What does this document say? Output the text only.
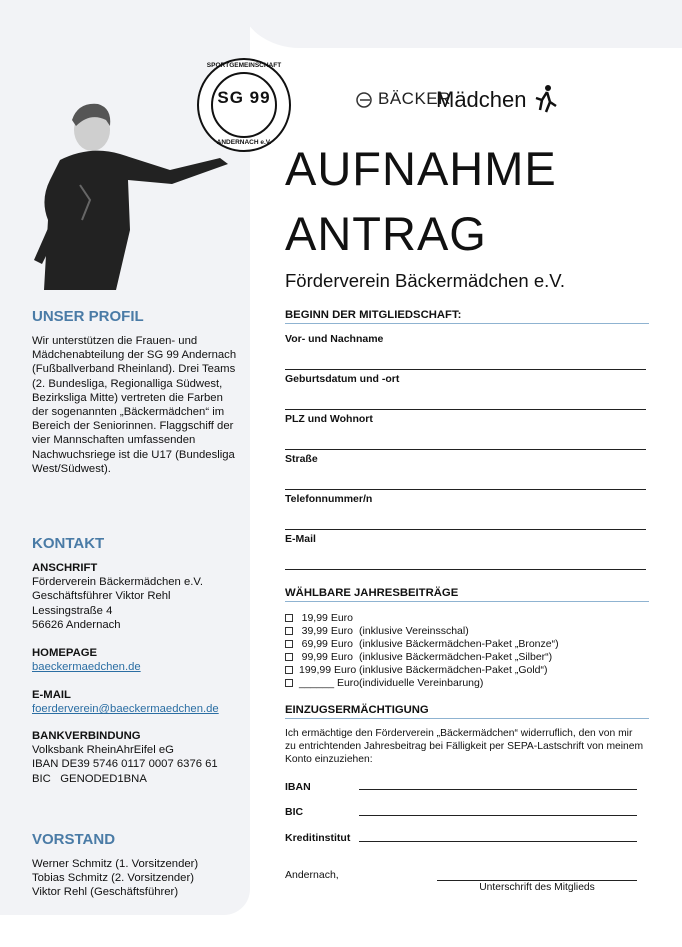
SPORTGEMEINSCHAFT
SG 99
ANDERNACH e.V.
BÄCKER
Mädchen
AUFNAHME
ANTRAG
Förderverein Bäckermädchen e.V.
UNSER PROFIL
Wir unterstützen die Frauen- und Mädchenabteilung der SG 99 Andernach (Fußballverband Rheinland). Drei Teams (2. Bundesliga, Regionalliga Südwest, Bezirksliga Mitte) vertreten die Farben der sogenannten „Bäckermädchen“ im Bereich der Seniorinnen. Flaggschiff der vier Mannschaften umfassenden Nachwuchsriege ist die U17 (Bundesliga West/Südwest).
KONTAKT
ANSCHRIFT
Förderverein Bäckermädchen e.V.
Geschäftsführer Viktor Rehl
Lessingstraße 4
56626 Andernach
HOMEPAGE
baeckermaedchen.de
E-MAIL
foerderverein@baeckermaedchen.de
BANKVERBINDUNG
Volksbank RheinAhrEifel eG
IBAN DE39 5746 0117 0007 6376 61
BIC   GENODED1BNA
VORSTAND
Werner Schmitz (1. Vorsitzender)
Tobias Schmitz (2. Vorsitzender)
Viktor Rehl (Geschäftsführer)
BEGINN DER MITGLIEDSCHAFT:
Vor- und Nachname
Geburtsdatum und -ort
PLZ und Wohnort
Straße
Telefonnummer/n
E-Mail
WÄHLBARE JAHRESBEITRÄGE
19,99 Euro
39,99 Euro (inklusive Vereinsschal)
69,99 Euro (inklusive Bäckermädchen-Paket „Bronze“)
99,99 Euro (inklusive Bäckermädchen-Paket „Silber“)
199,99 Euro (inklusive Bäckermädchen-Paket „Gold“)
______ Euro(individuelle Vereinbarung)
EINZUGSERMÄCHTIGUNG
Ich ermächtige den Förderverein „Bäckermädchen“ widerruflich, den von mir zu entrichtenden Jahresbeitrag bei Fälligkeit per SEPA-Lastschrift von meinem Konto einzuziehen:
IBAN
BIC
Kreditinstitut
Andernach,
Unterschrift des Mitglieds
